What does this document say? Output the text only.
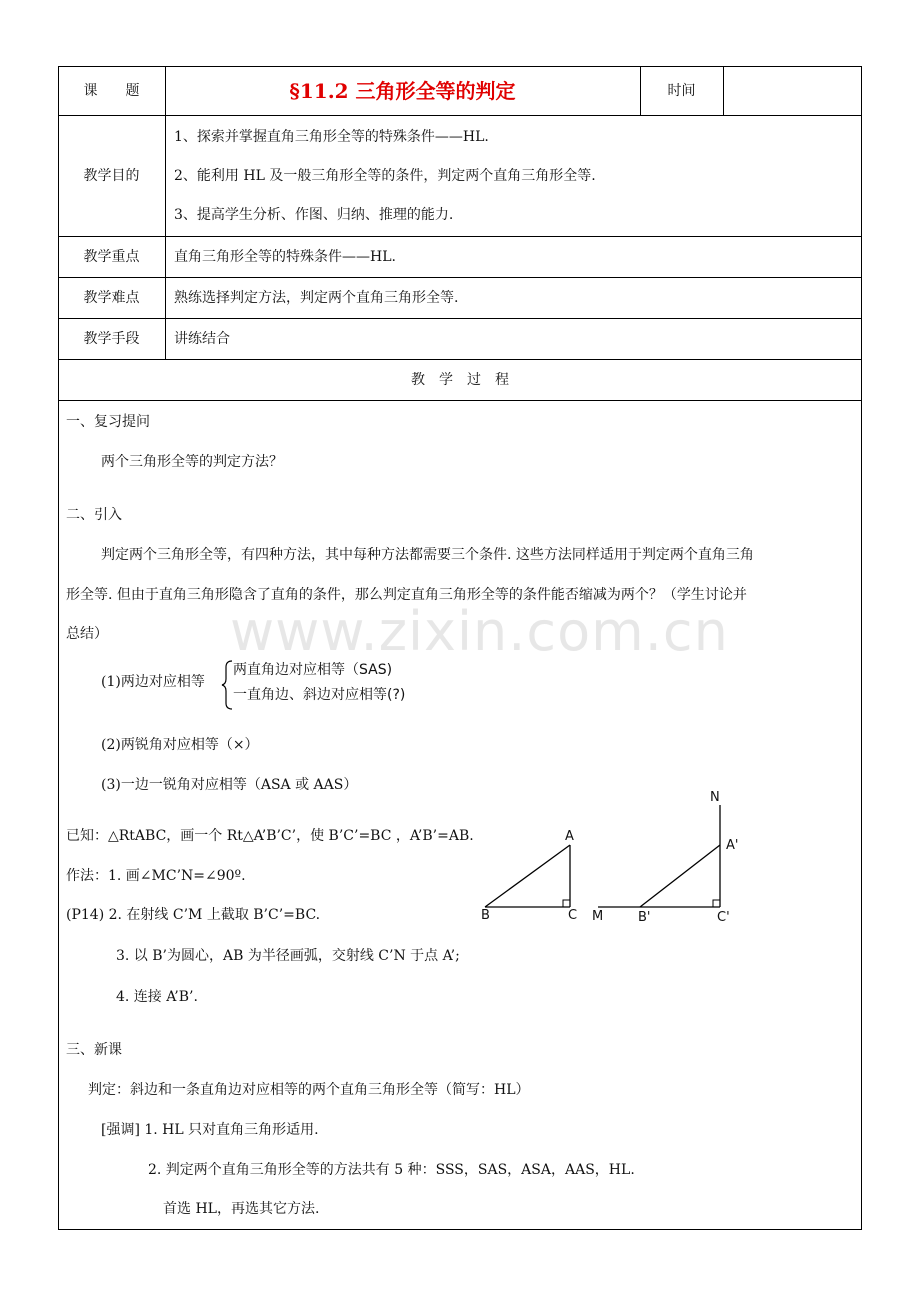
课　　题	§11.2 三角形全等的判定	时间
教学目的
1、探索并掌握直角三角形全等的特殊条件——HL.
2、能利用 HL 及一般三角形全等的条件，判定两个直角三角形全等.
3、提高学生分析、作图、归纳、推理的能力.
教学重点	直角三角形全等的特殊条件——HL.
教学难点	熟练选择判定方法，判定两个直角三角形全等.
教学手段	讲练结合
教　学　过　程
一、复习提问
两个三角形全等的判定方法？
二、引入
判定两个三角形全等，有四种方法，其中每种方法都需要三个条件. 这些方法同样适用于判定两个直角三角
形全等. 但由于直角三角形隐含了直角的条件，那么判定直角三角形全等的条件能否缩减为两个？（学生讨论并
总结） www.zixin.com.cn
(1)两边对应相等
两直角边对应相等（SAS)
一直角边、斜边对应相等(?)
(2)两锐角对应相等（×）
(3)一边一锐角对应相等（ASA 或 AAS）
已知：△RtABC，画一个 Rt△A’B’C’，使 B’C’=BC ，A’B’=AB.
作法：1. 画∠MC’N=∠90º.
(P14) 2. 在射线 C’M 上截取 B’C’=BC.
3. 以 B’为圆心，AB 为半径画弧，交射线 C’N 于点 A’;
4. 连接 A’B’.
A
B	C
N
A'
M	B'	C'
三、新课
判定：斜边和一条直角边对应相等的两个直角三角形全等（简写：HL）
[强调] 1. HL 只对直角三角形适用.
2. 判定两个直角三角形全等的方法共有 5 种：SSS，SAS，ASA，AAS，HL.
首选 HL，再选其它方法.
